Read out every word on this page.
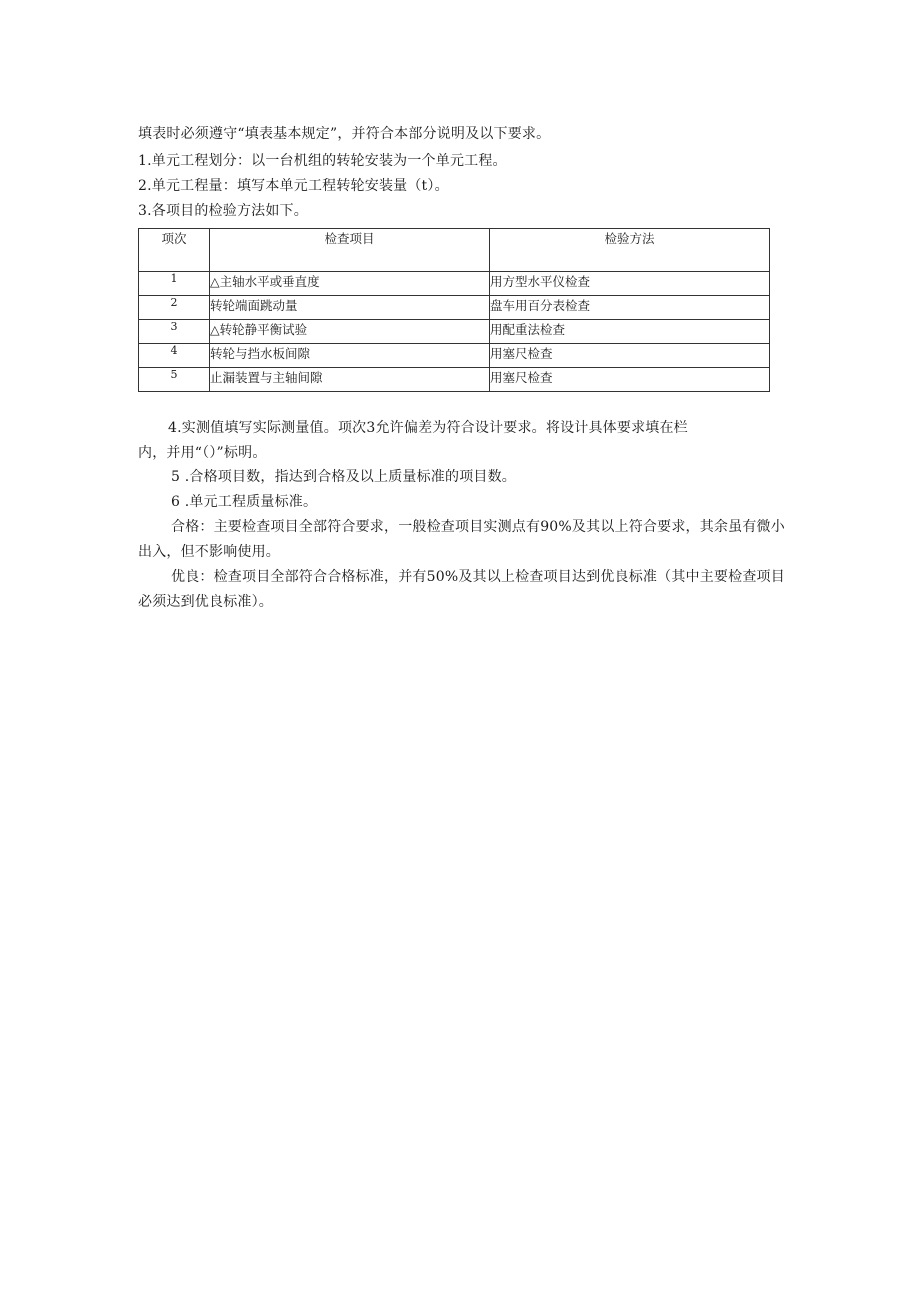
填表时必须遵守“填表基本规定”，并符合本部分说明及以下要求。
1.单元工程划分：以一台机组的转轮安装为一个单元工程。
2.单元工程量：填写本单元工程转轮安装量（t）。
3.各项目的检验方法如下。
项次	检查项目	检验方法
1	△主轴水平或垂直度	用方型水平仪检查
2	转轮端面跳动量	盘车用百分表检查
3	△转轮静平衡试验	用配重法检查
4	转轮与挡水板间隙	用塞尺检查
5	止漏装置与主轴间隙	用塞尺检查
4.实测值填写实际测量值。项次3允许偏差为符合设计要求。将设计具体要求填在栏
内，并用“（）”标明。
5 .合格项目数，指达到合格及以上质量标准的项目数。
6 .单元工程质量标准。
合格：主要检查项目全部符合要求，一般检查项目实测点有90%及其以上符合要求，其余虽有微小
出入，但不影响使用。
优良：检查项目全部符合合格标准，并有50%及其以上检查项目达到优良标准（其中主要检查项目
必须达到优良标准）。
